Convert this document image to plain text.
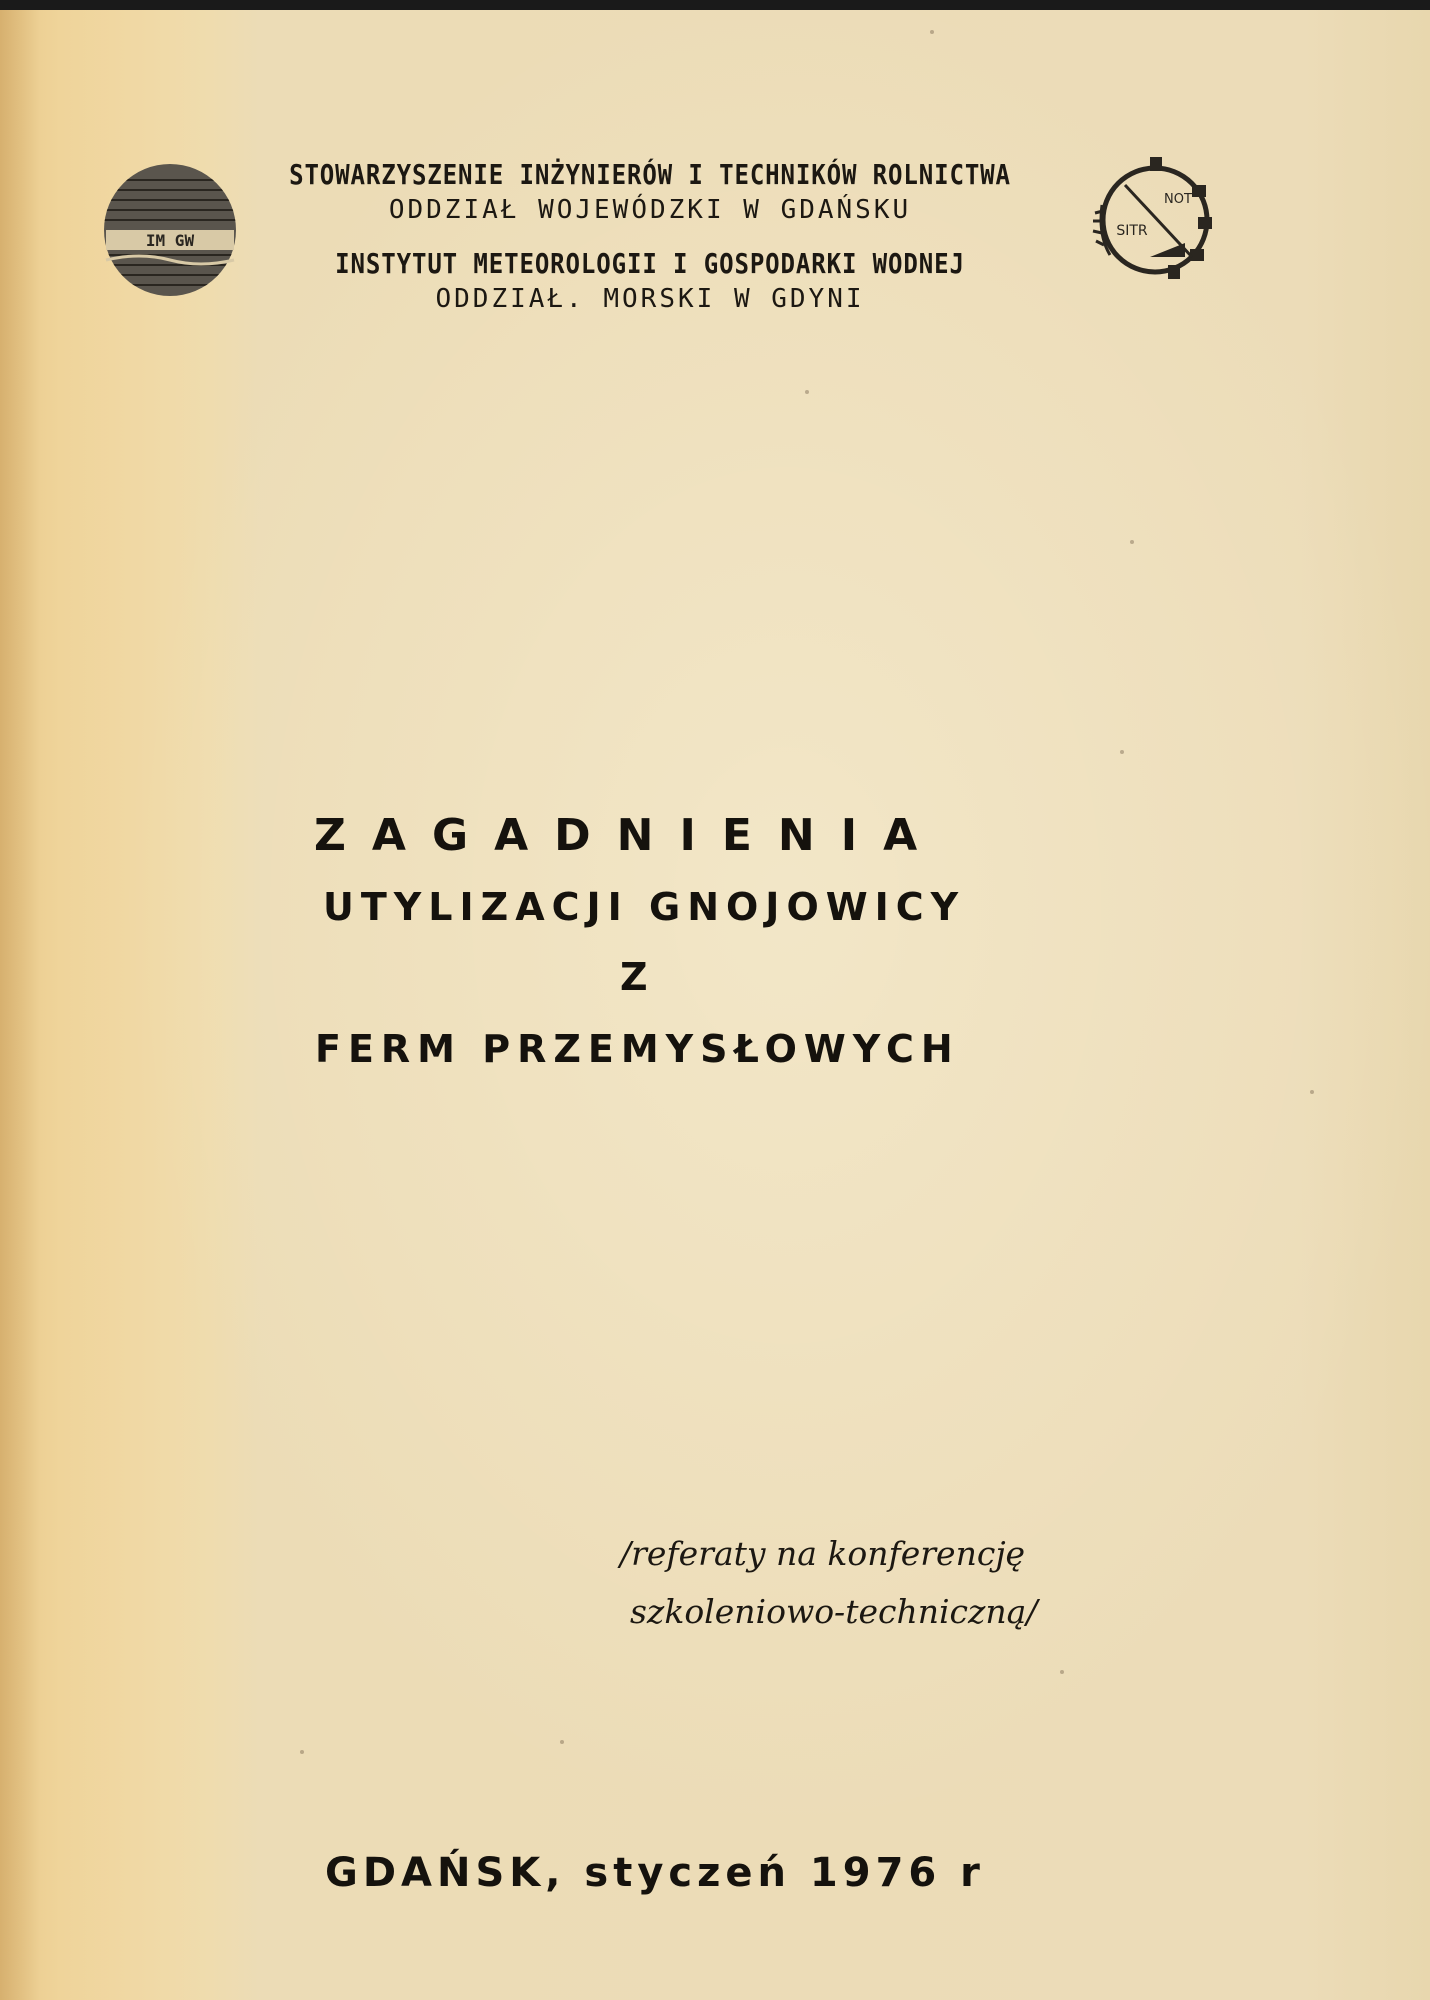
IM GW	SITR
NOT

STOWARZYSZENIE INŻYNIERÓW I TECHNIKÓW ROLNICTWA

ODDZIAŁ WOJEWÓDZKI W GDAŃSKU

INSTYTUT METEOROLOGII I GOSPODARKI WODNEJ

ODDZIAŁ. MORSKI W GDYNI

ZAGADNIENIA

UTYLIZACJI GNOJOWICY

Z

FERM PRZEMYSŁOWYCH

/referaty na konferencję

szkoleniowo-techniczną/

GDAŃSK, styczeń 1976 r
